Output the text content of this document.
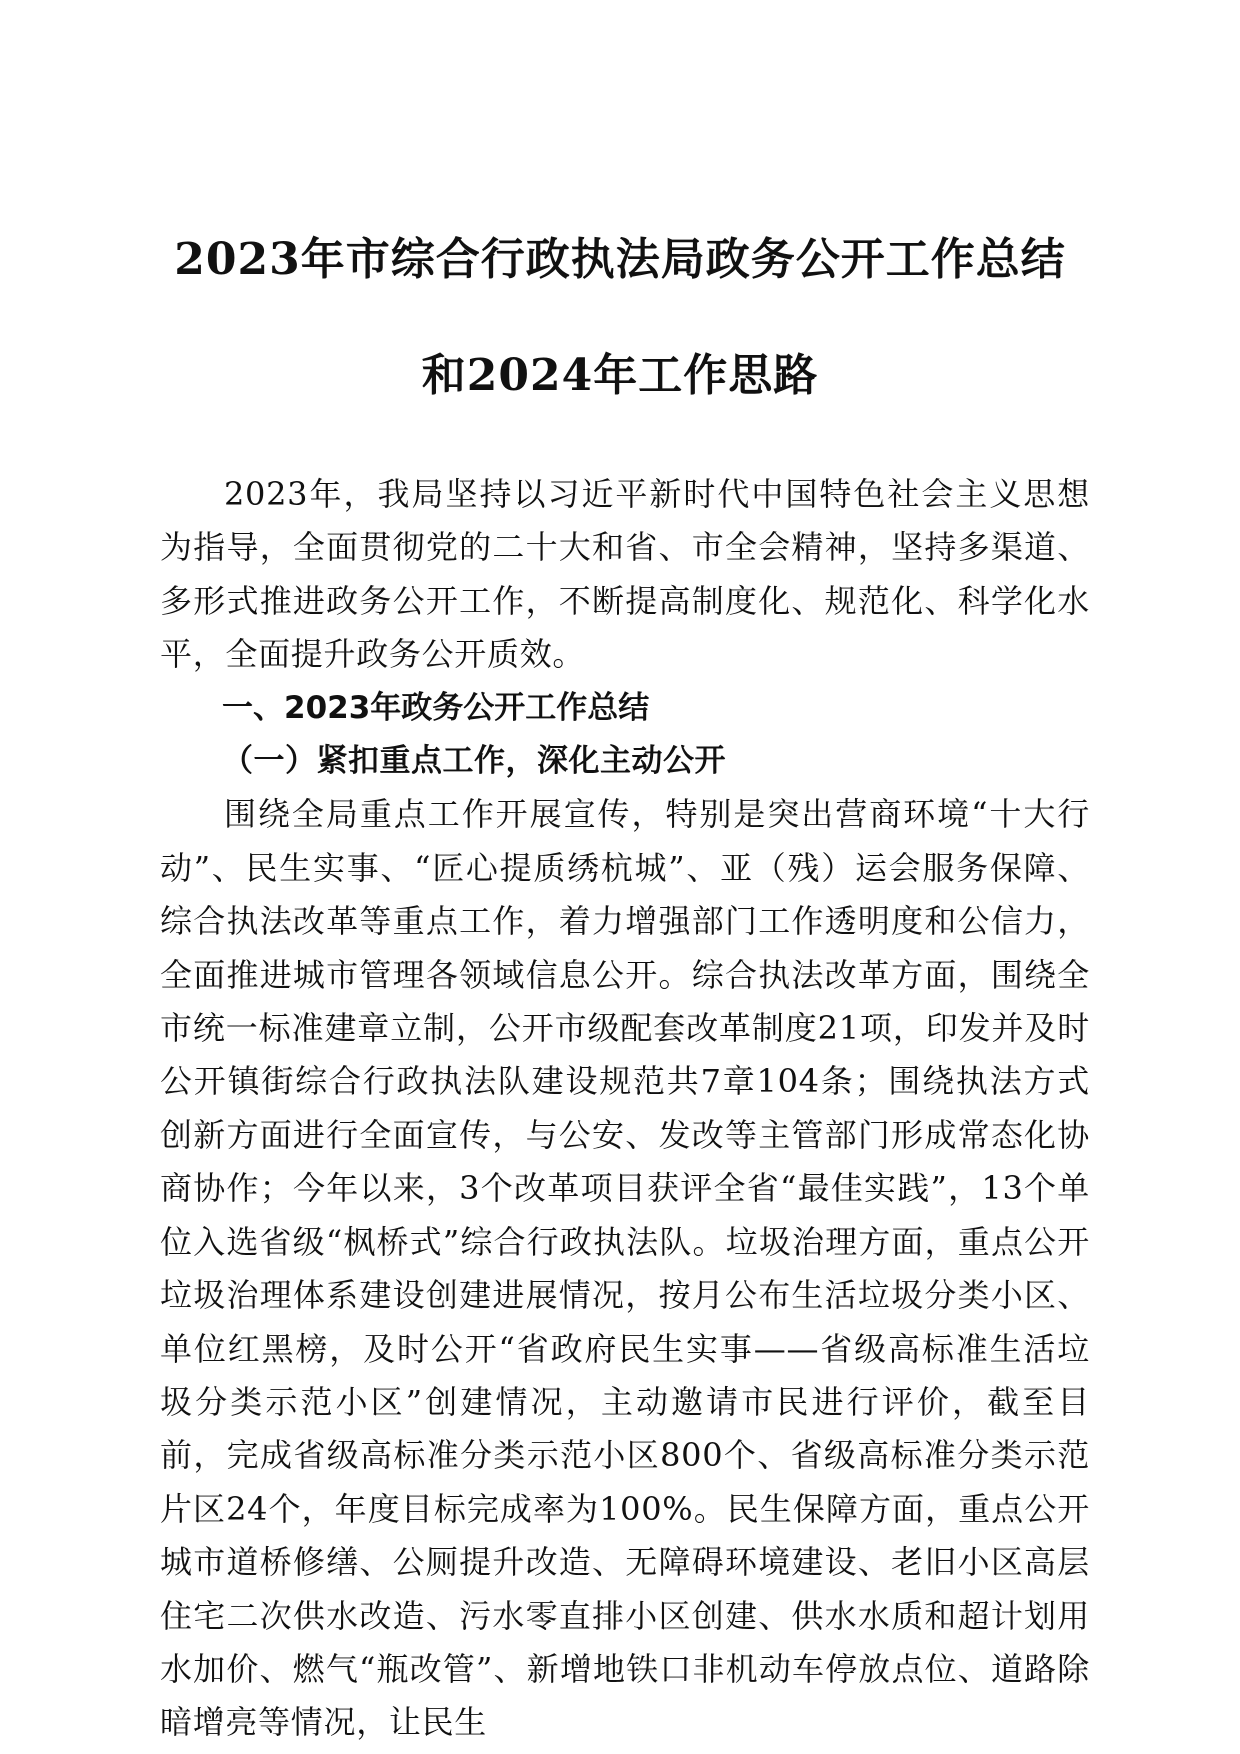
2023年市综合行政执法局政务公开工作总结
和2024年工作思路

2023年，我局坚持以习近平新时代中国特色社会主义思想为指导，全面贯彻党的二十大和省、市全会精神，坚持多渠道、多形式推进政务公开工作，不断提高制度化、规范化、科学化水平，全面提升政务公开质效。

一、2023年政务公开工作总结

（一）紧扣重点工作，深化主动公开

围绕全局重点工作开展宣传，特别是突出营商环境“十大行动”、民生实事、“匠心提质绣杭城”、亚（残）运会服务保障、综合执法改革等重点工作，着力增强部门工作透明度和公信力，全面推进城市管理各领域信息公开。综合执法改革方面，围绕全市统一标准建章立制，公开市级配套改革制度21项，印发并及时公开镇街综合行政执法队建设规范共7章104条；围绕执法方式创新方面进行全面宣传，与公安、发改等主管部门形成常态化协商协作；今年以来，3个改革项目获评全省“最佳实践”，13个单位入选省级“枫桥式”综合行政执法队。垃圾治理方面，重点公开垃圾治理体系建设创建进展情况，按月公布生活垃圾分类小区、单位红黑榜，及时公开“省政府民生实事——省级高标准生活垃圾分类示范小区”创建情况，主动邀请市民进行评价，截至目前，完成省级高标准分类示范小区800个、省级高标准分类示范片区24个，年度目标完成率为100%。民生保障方面，重点公开城市道桥修缮、公厕提升改造、无障碍环境建设、老旧小区高层住宅二次供水改造、污水零直排小区创建、供水水质和超计划用水加价、燃气“瓶改管”、新增地铁口非机动车停放点位、道路除暗增亮等情况，让民生
